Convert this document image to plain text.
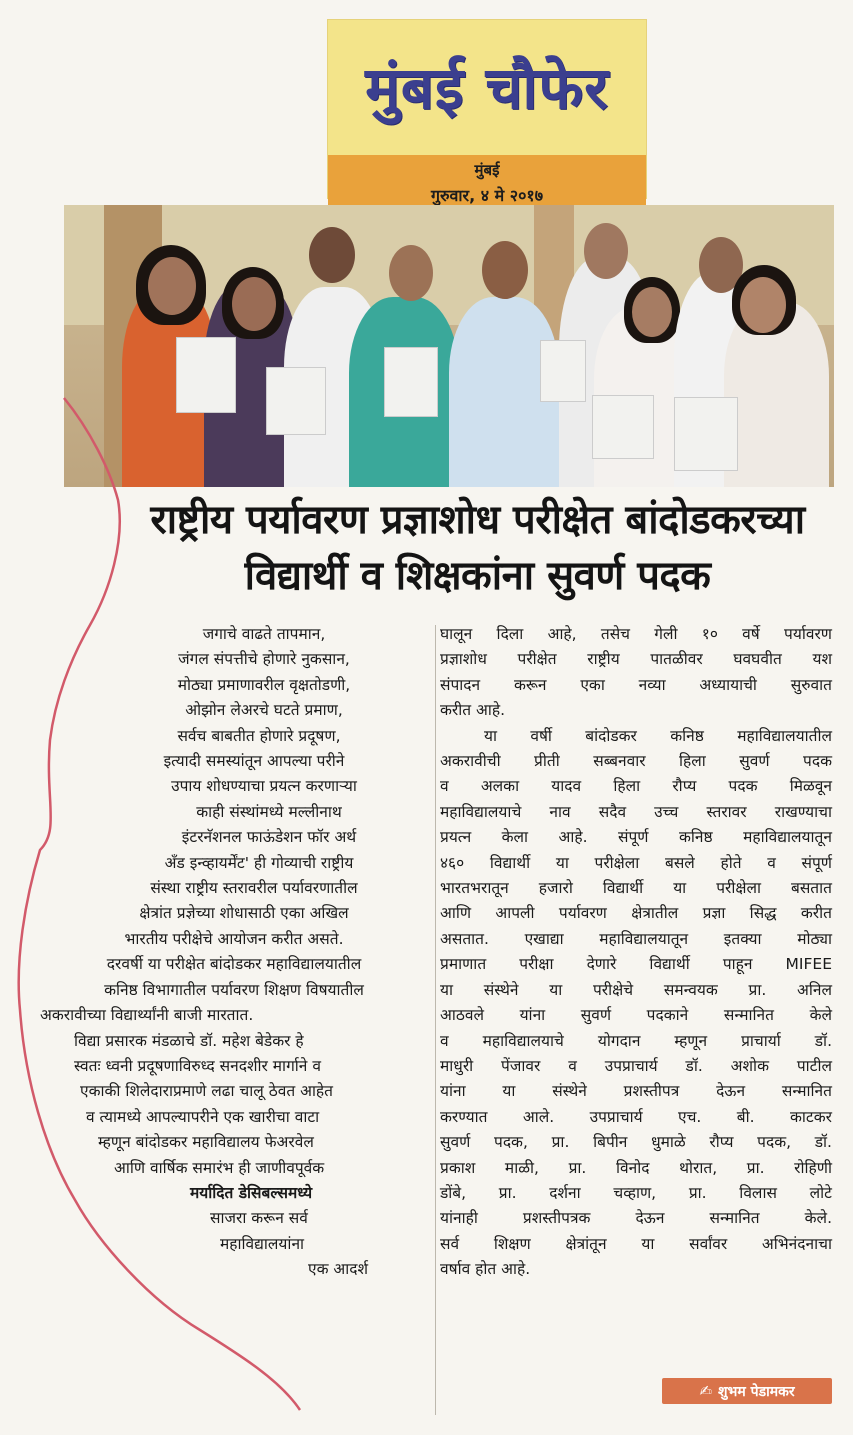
मुंबई चौफेर
मुंबई
गुरुवार, ४ मे २०१७
राष्ट्रीय पर्यावरण प्रज्ञाशोध परीक्षेत बांदोडकरच्या
विद्यार्थी व शिक्षकांना सुवर्ण पदक
जगाचे वाढते तापमान,
जंगल संपत्तीचे होणारे नुकसान,
मोठ्या प्रमाणावरील वृक्षतोडणी,
ओझोन लेअरचे घटते प्रमाण,
सर्वच बाबतीत होणारे प्रदूषण,
इत्यादी समस्यांतून आपल्या परीने
उपाय शोधण्याचा प्रयत्न करणाऱ्या
काही संस्थांमध्ये मल्लीनाथ
इंटरनॅशनल फाऊंडेशन फॉर अर्थ
अँड इन्व्हायर्मेंट' ही गोव्याची राष्ट्रीय
संस्था राष्ट्रीय स्तरावरील पर्यावरणातील
क्षेत्रांत प्रज्ञेच्या शोधासाठी एका अखिल
भारतीय परीक्षेचे आयोजन करीत असते.
दरवर्षी या परीक्षेत बांदोडकर महाविद्यालयातील
कनिष्ठ विभागातील पर्यावरण शिक्षण विषयातील
अकरावीच्या विद्यार्थ्यांनी बाजी मारतात.
विद्या प्रसारक मंडळाचे डॉ. महेश बेडेकर हे
स्वतः ध्वनी प्रदूषणाविरुध्द सनदशीर मार्गाने व
एकाकी शिलेदाराप्रमाणे लढा चालू ठेवत आहेत
व त्यामध्ये आपल्यापरीने एक खारीचा वाटा
म्हणून बांदोडकर महाविद्यालय फेअरवेल
आणि वार्षिक समारंभ ही जाणीवपूर्वक
मर्यादित डेसिबल्समध्ये
साजरा करून सर्व
महाविद्यालयांना
एक आदर्श
घालून दिला आहे, तसेच गेली १० वर्षे पर्यावरण
प्रज्ञाशोध परीक्षेत राष्ट्रीय पातळीवर घवघवीत यश
संपादन करून एका नव्या अध्यायाची सुरुवात
करीत आहे.
या वर्षी बांदोडकर कनिष्ठ महाविद्यालयातील
अकरावीची प्रीती सब्बनवार हिला सुवर्ण पदक
व अलका यादव हिला रौप्य पदक मिळवून
महाविद्यालयाचे नाव सदैव उच्च स्तरावर राखण्याचा
प्रयत्न केला आहे. संपूर्ण कनिष्ठ महाविद्यालयातून
४६० विद्यार्थी या परीक्षेला बसले होते व संपूर्ण
भारतभरातून हजारो विद्यार्थी या परीक्षेला बसतात
आणि आपली पर्यावरण क्षेत्रातील प्रज्ञा सिद्ध करीत
असतात. एखाद्या महाविद्यालयातून इतक्या मोठ्या
प्रमाणात परीक्षा देणारे विद्यार्थी पाहून MIFEE
या संस्थेने या परीक्षेचे समन्वयक प्रा. अनिल
आठवले यांना सुवर्ण पदकाने सन्मानित केले
व महाविद्यालयाचे योगदान म्हणून प्राचार्या डॉ.
माधुरी पेंजावर व उपप्राचार्य डॉ. अशोक पाटील
यांना या संस्थेने प्रशस्तीपत्र देऊन सन्मानित
करण्यात आले. उपप्राचार्य एच. बी. काटकर
सुवर्ण पदक, प्रा. बिपीन धुमाळे रौप्य पदक, डॉ.
प्रकाश माळी, प्रा. विनोद थोरात, प्रा. रोहिणी
डोंबे, प्रा. दर्शना चव्हाण, प्रा. विलास लोटे
यांनाही प्रशस्तीपत्रक देऊन सन्मानित केले.
सर्व शिक्षण क्षेत्रांतून या सर्वांवर अभिनंदनाचा
वर्षाव होत आहे.
✍ शुभम पेडामकर
